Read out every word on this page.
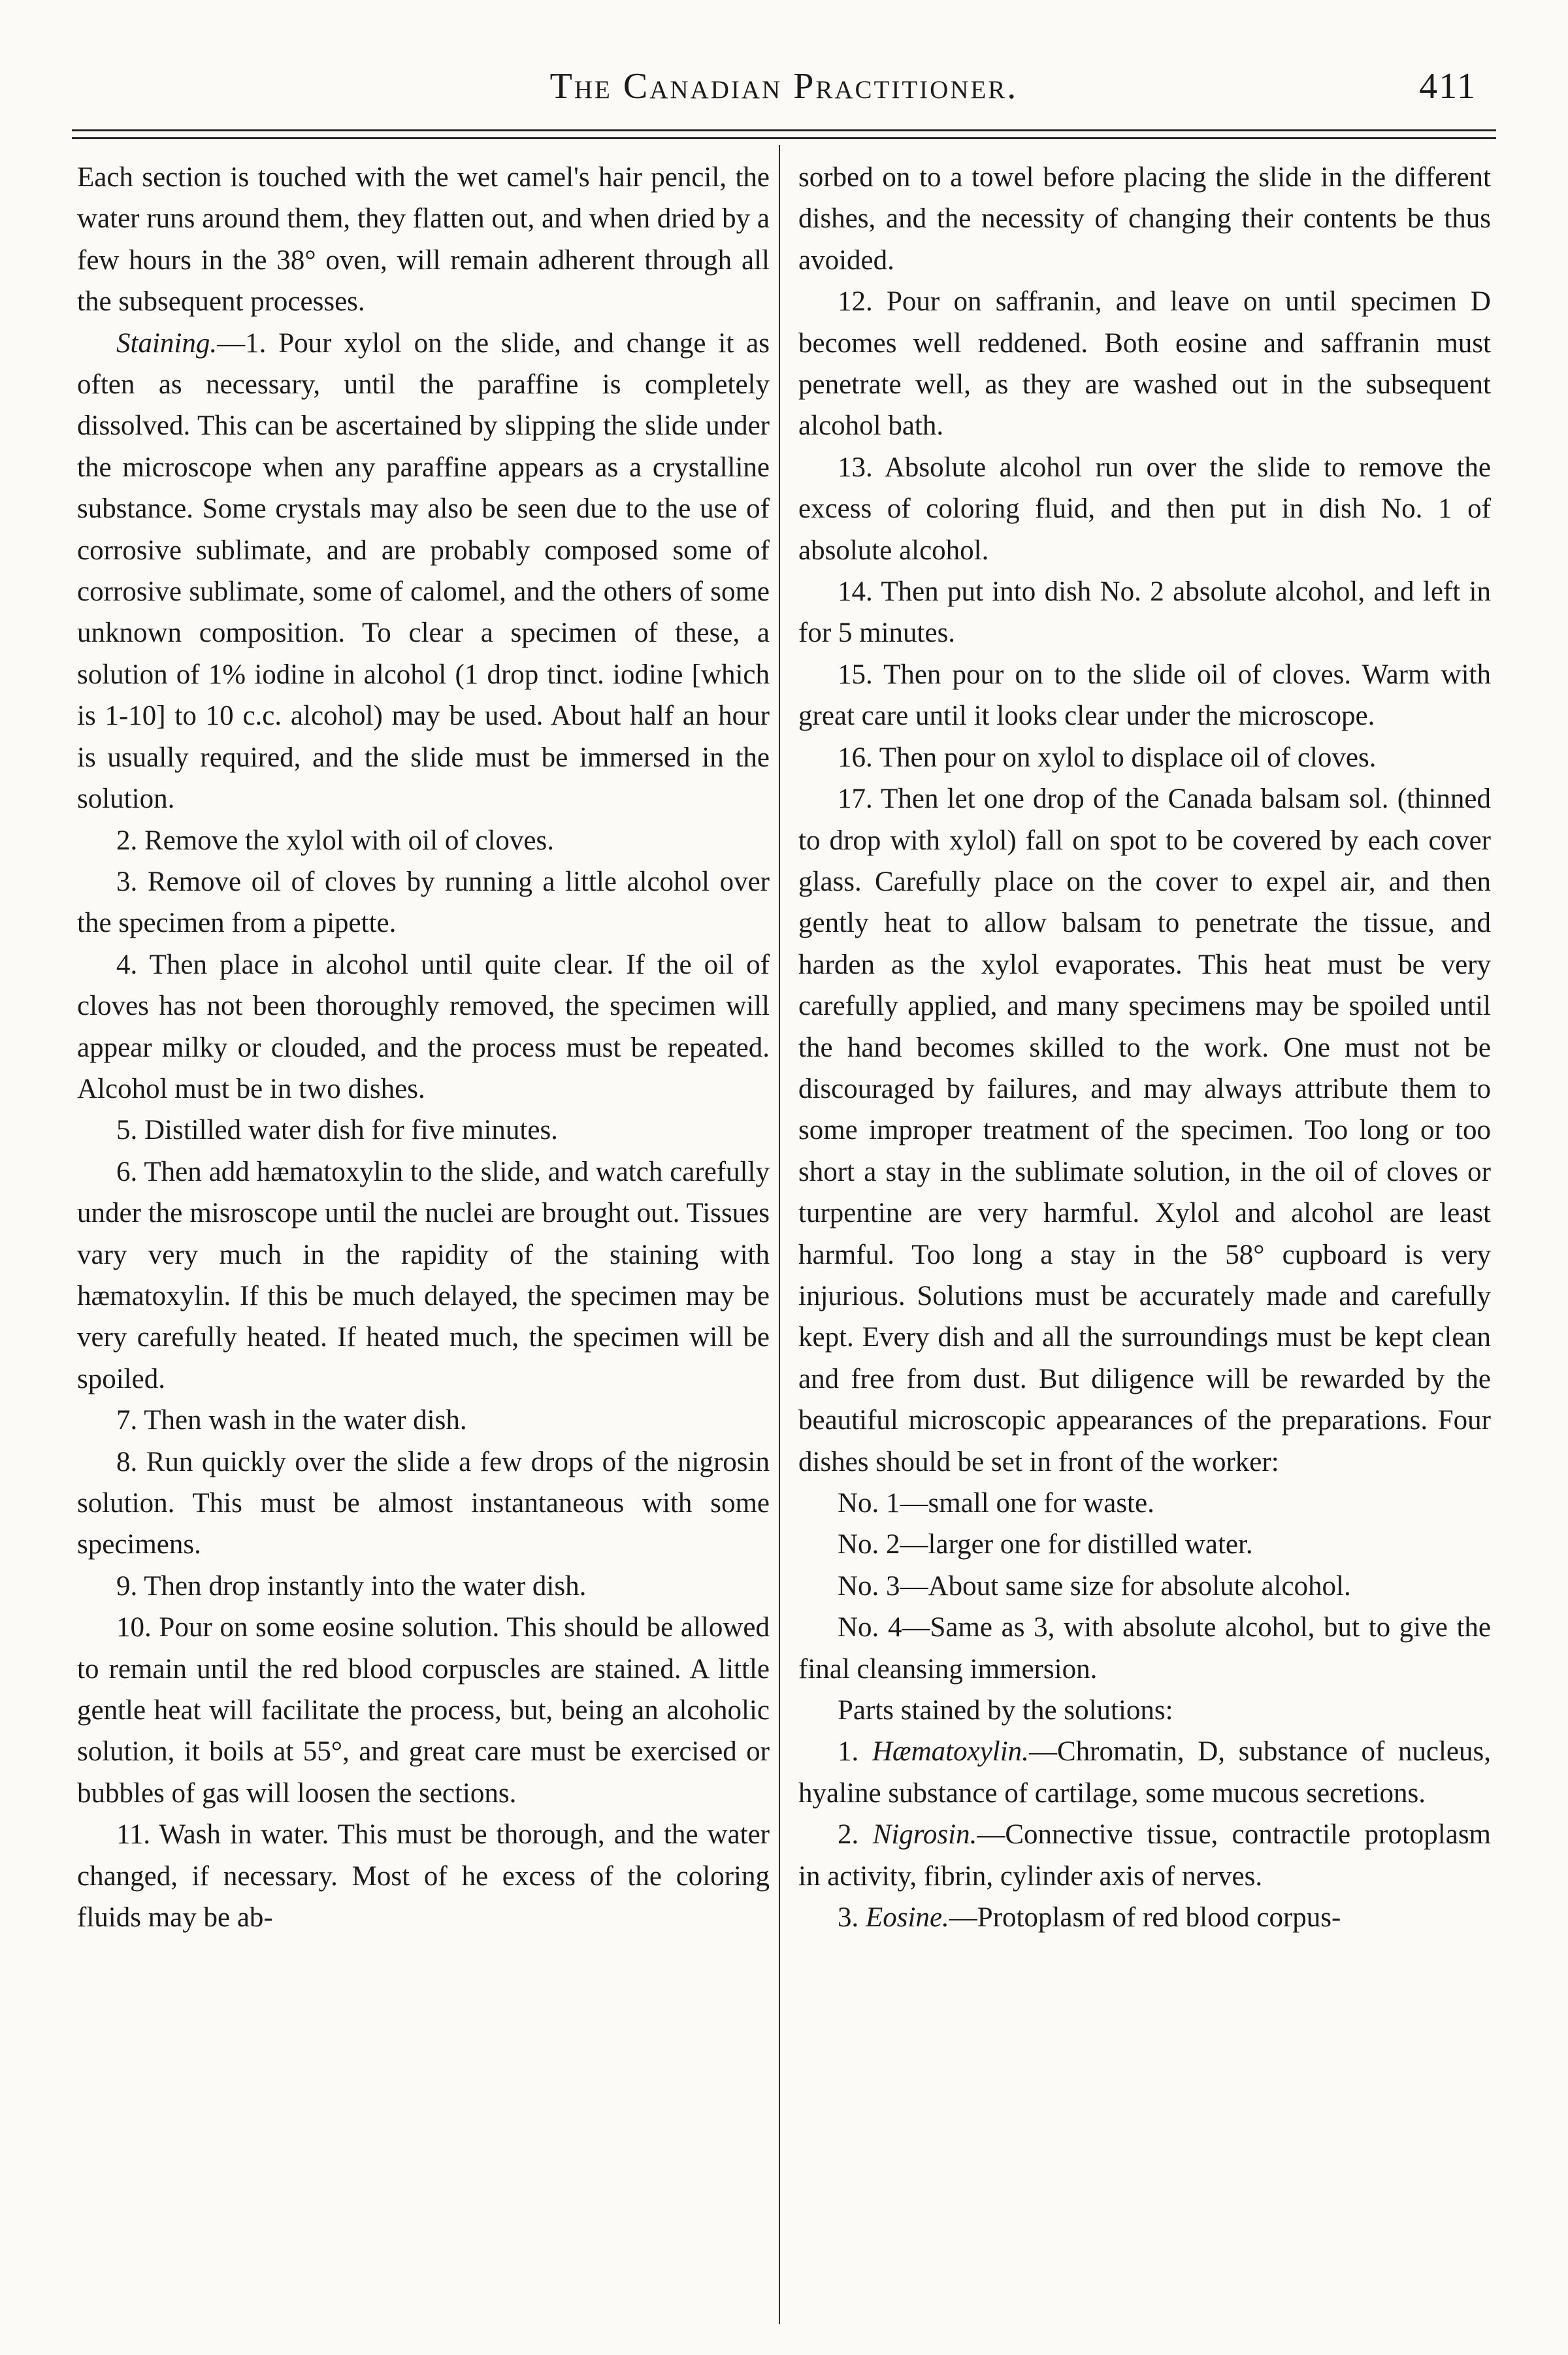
The Canadian Practitioner.	411

Each section is touched with the wet camel's hair pencil, the water runs around them, they flatten out, and when dried by a few hours in the 38° oven, will remain adherent through all the subsequent processes.

Staining.—1. Pour xylol on the slide, and change it as often as necessary, until the paraffine is completely dissolved. This can be ascertained by slipping the slide under the microscope when any paraffine appears as a crystalline substance. Some crystals may also be seen due to the use of corrosive sublimate, and are probably composed some of corrosive sublimate, some of calomel, and the others of some unknown composition. To clear a specimen of these, a solution of 1% iodine in alcohol (1 drop tinct. iodine [which is 1-10] to 10 c.c. alcohol) may be used. About half an hour is usually required, and the slide must be immersed in the solution.

2. Remove the xylol with oil of cloves.

3. Remove oil of cloves by running a little alcohol over the specimen from a pipette.

4. Then place in alcohol until quite clear. If the oil of cloves has not been thoroughly removed, the specimen will appear milky or clouded, and the process must be repeated. Alcohol must be in two dishes.

5. Distilled water dish for five minutes.

6. Then add hæmatoxylin to the slide, and watch carefully under the misroscope until the nuclei are brought out. Tissues vary very much in the rapidity of the staining with hæmatoxylin. If this be much delayed, the specimen may be very carefully heated. If heated much, the specimen will be spoiled.

7. Then wash in the water dish.

8. Run quickly over the slide a few drops of the nigrosin solution. This must be almost instantaneous with some specimens.

9. Then drop instantly into the water dish.

10. Pour on some eosine solution. This should be allowed to remain until the red blood corpuscles are stained. A little gentle heat will facilitate the process, but, being an alcoholic solution, it boils at 55°, and great care must be exercised or bubbles of gas will loosen the sections.

11. Wash in water. This must be thorough, and the water changed, if necessary. Most of he excess of the coloring fluids may be ab-

sorbed on to a towel before placing the slide in the different dishes, and the necessity of changing their contents be thus avoided.

12. Pour on saffranin, and leave on until specimen D becomes well reddened. Both eosine and saffranin must penetrate well, as they are washed out in the subsequent alcohol bath.

13. Absolute alcohol run over the slide to remove the excess of coloring fluid, and then put in dish No. 1 of absolute alcohol.

14. Then put into dish No. 2 absolute alcohol, and left in for 5 minutes.

15. Then pour on to the slide oil of cloves. Warm with great care until it looks clear under the microscope.

16. Then pour on xylol to displace oil of cloves.

17. Then let one drop of the Canada balsam sol. (thinned to drop with xylol) fall on spot to be covered by each cover glass. Carefully place on the cover to expel air, and then gently heat to allow balsam to penetrate the tissue, and harden as the xylol evaporates. This heat must be very carefully applied, and many specimens may be spoiled until the hand becomes skilled to the work. One must not be discouraged by failures, and may always attribute them to some improper treatment of the specimen. Too long or too short a stay in the sublimate solution, in the oil of cloves or turpentine are very harmful. Xylol and alcohol are least harmful. Too long a stay in the 58° cupboard is very injurious. Solutions must be accurately made and carefully kept. Every dish and all the surroundings must be kept clean and free from dust. But diligence will be rewarded by the beautiful microscopic appearances of the preparations. Four dishes should be set in front of the worker:

No. 1—small one for waste.

No. 2—larger one for distilled water.

No. 3—About same size for absolute alcohol.

No. 4—Same as 3, with absolute alcohol, but to give the final cleansing immersion.

Parts stained by the solutions:

1. Hæmatoxylin.—Chromatin, D, substance of nucleus, hyaline substance of cartilage, some mucous secretions.

2. Nigrosin.—Connective tissue, contractile protoplasm in activity, fibrin, cylinder axis of nerves.

3. Eosine.—Protoplasm of red blood corpus-
